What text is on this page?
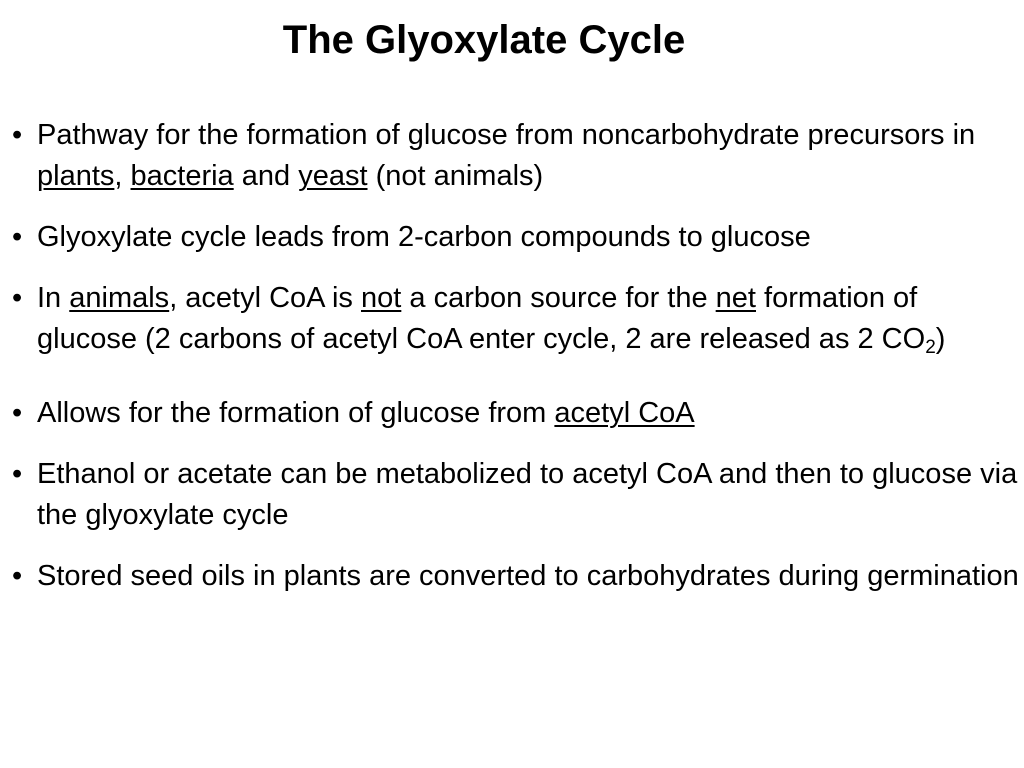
The Glyoxylate Cycle
• Pathway for the formation of glucose from noncarbohydrate precursors in plants, bacteria and yeast (not animals)
• Glyoxylate cycle leads from 2-carbon compounds to glucose
• In animals, acetyl CoA is not a carbon source for the net formation of glucose (2 carbons of acetyl CoA enter cycle, 2 are released as 2 $CO_2$)
• Allows for the formation of glucose from acetyl CoA
• Ethanol or acetate can be metabolized to acetyl CoA and then to glucose via the glyoxylate cycle
• Stored seed oils in plants are converted to carbohydrates during germination
